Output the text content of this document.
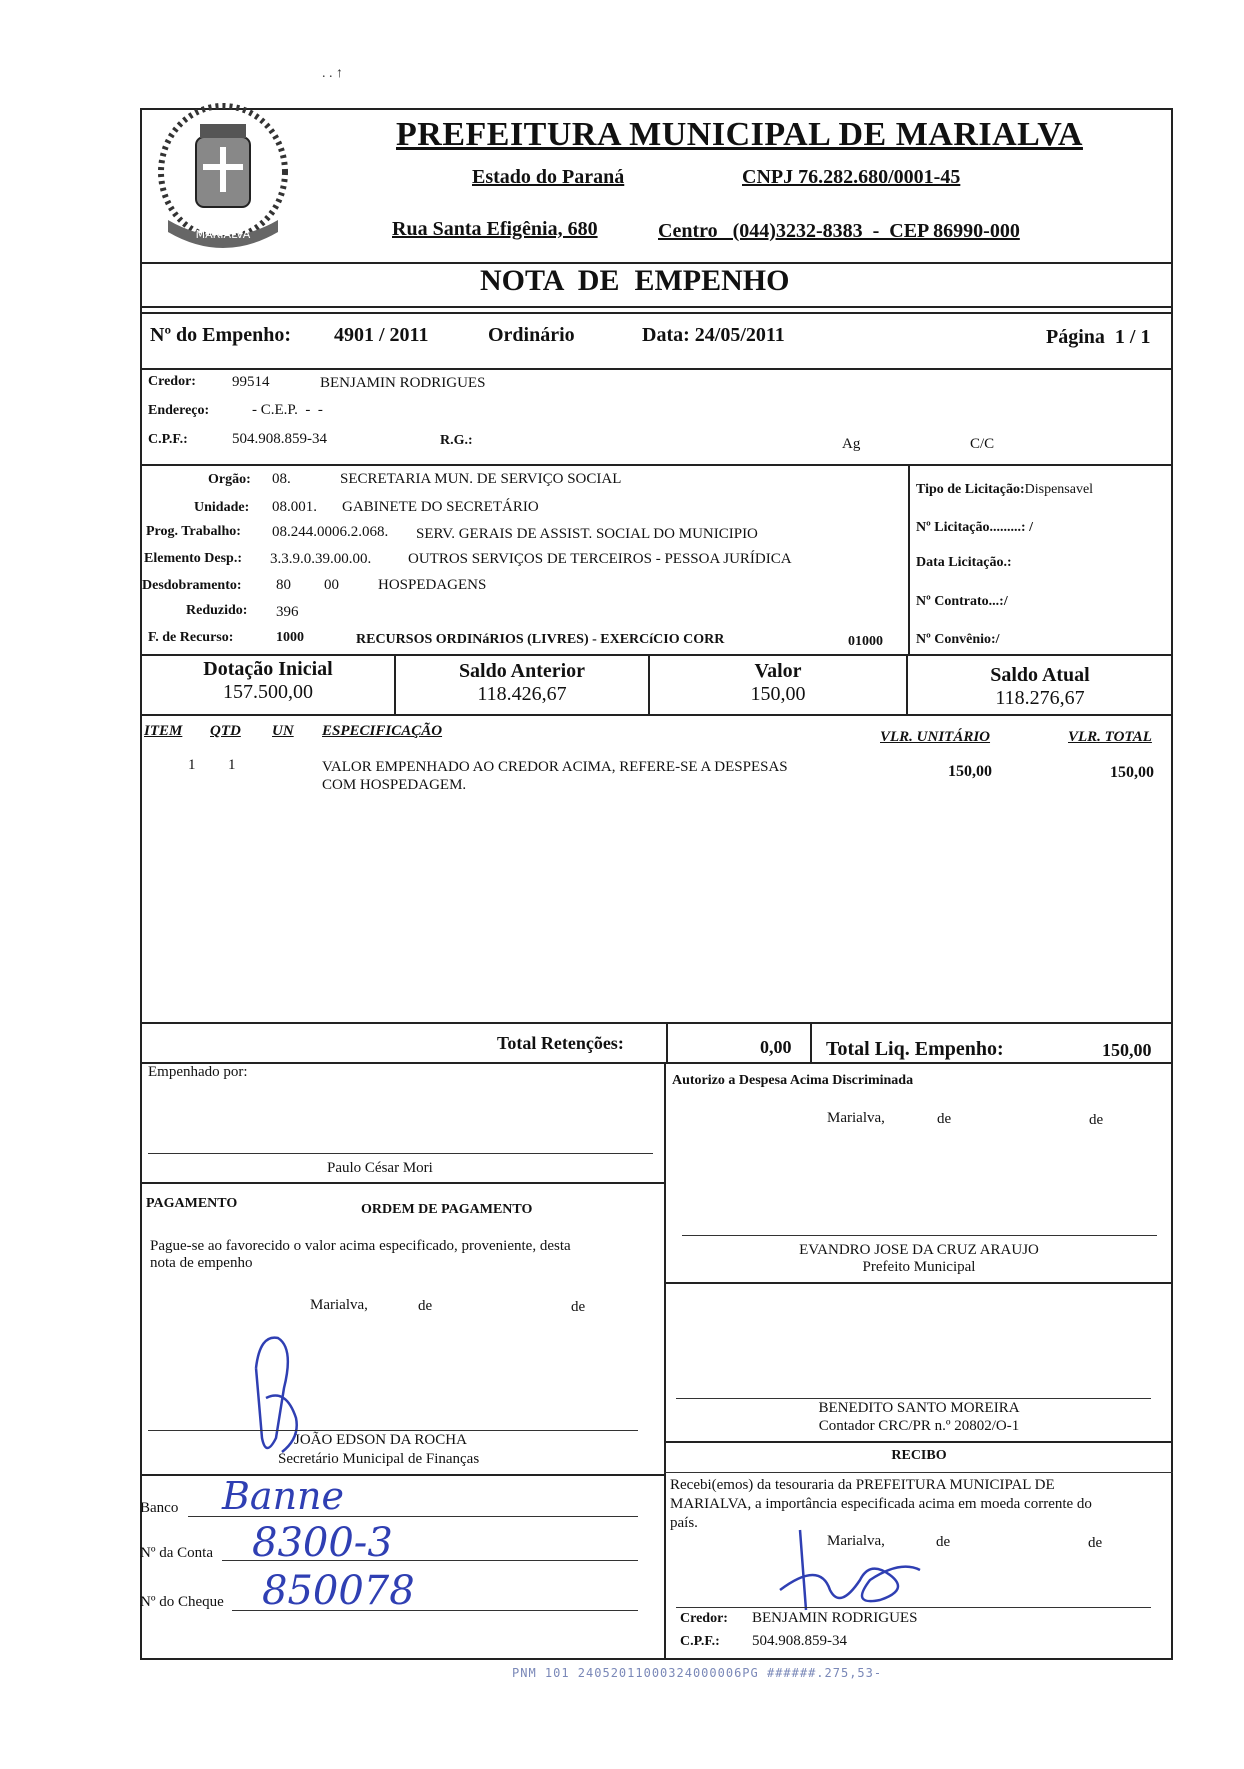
. . ↑
MARIALVA
PREFEITURA MUNICIPAL DE MARIALVA
Estado do Paraná	CNPJ 76.282.680/0001-45
Rua Santa Efigênia, 680	Centro   (044)3232-8383  -  CEP 86990-000
NOTA  DE  EMPENHO
Nº do Empenho: 4901 / 2011	Ordinário	Data: 24/05/2011	Página  1 / 1
Credor: 99514	BENJAMIN RODRIGUES
Endereço:	- C.E.P.  -  -
C.P.F.:	504.908.859-34	R.G.:	Ag	C/C
Orgão: 08.	SECRETARIA MUN. DE SERVIÇO SOCIAL
Unidade: 08.001. GABINETE DO SECRETÁRIO
Prog. Trabalho: 08.244.0006.2.068. SERV. GERAIS DE ASSIST. SOCIAL DO MUNICIPIO
Elemento Desp.: 3.3.9.0.39.00.00. OUTROS SERVIÇOS DE TERCEIROS - PESSOA JURÍDICA
Desdobramento: 80 00	HOSPEDAGENS
Reduzido: 396
F. de Recurso:	1000	RECURSOS ORDINáRIOS (LIVRES) - EXERCíCIO CORR	01000
Tipo de Licitação:Dispensavel
Nº Licitação.........: /
Data Licitação.:
Nº Contrato...:/
Nº Convênio:/
Dotação Inicial
157.500,00
Saldo Anterior
118.426,67
Valor
150,00
Saldo Atual
118.276,67
ITEM QTD UN ESPECIFICAÇÃO	VLR. UNITÁRIO	VLR. TOTAL
1 1	VALOR EMPENHADO AO CREDOR ACIMA, REFERE-SE A DESPESAS
COM HOSPEDAGEM.
150,00	150,00
Total Retenções:	0,00 Total Liq. Empenho:	150,00
Empenhado por:
Paulo César Mori
Autorizo a Despesa Acima Discriminada
Marialva,	de	de
EVANDRO JOSE DA CRUZ ARAUJO
Prefeito Municipal
PAGAMENTO	ORDEM DE PAGAMENTO
Pague-se ao favorecido o valor acima especificado, proveniente, desta
nota de empenho
Marialva,	de	de
JOÃO EDSON DA ROCHA
Secretário Municipal de Finanças
Banco Banne
Nº da Conta 8300-3
Nº do Cheque 850078
BENEDITO SANTO MOREIRA
Contador CRC/PR n.º 20802/O-1
RECIBO
Recebi(emos) da tesouraria da PREFEITURA MUNICIPAL DE
MARIALVA, a importância especificada acima em moeda corrente do
país.
Marialva,	de	de
Credor: BENJAMIN RODRIGUES
C.P.F.: 504.908.859-34
PNM 101 24052011000324000006PG ######.275,53-
